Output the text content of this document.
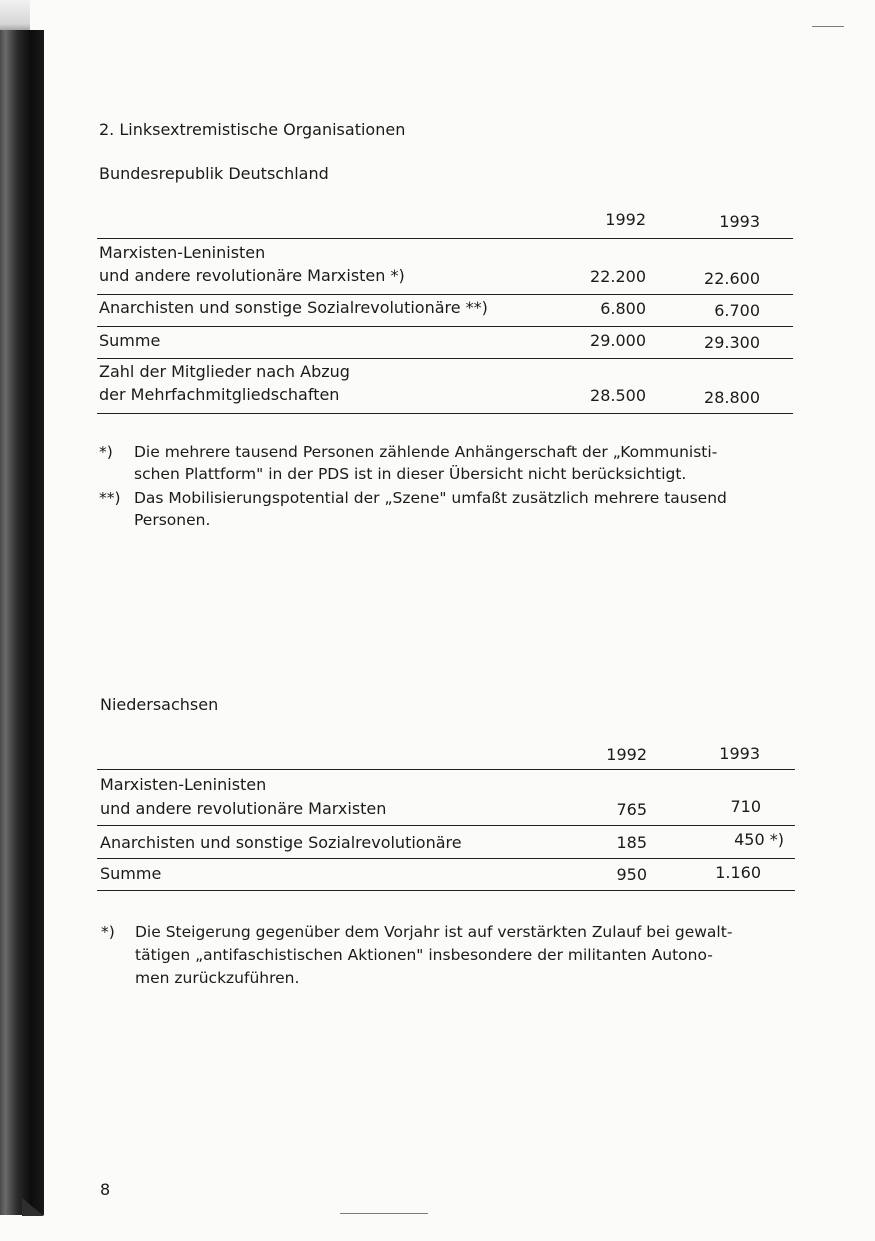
2. Linksextremistische Organisationen
Bundesrepublik Deutschland
1992	1993
Marxisten-Leninisten
und andere revolutionäre Marxisten *)	22.200	22.600
Anarchisten und sonstige Sozialrevolutionäre **)	6.800	6.700
Summe	29.000	29.300
Zahl der Mitglieder nach Abzug
der Mehrfachmitgliedschaften	28.500	28.800
*) Die mehrere tausend Personen zählende Anhängerschaft der „Kommunisti-
schen Plattform" in der PDS ist in dieser Übersicht nicht berücksichtigt.
**) Das Mobilisierungspotential der „Szene" umfaßt zusätzlich mehrere tausend
Personen.
Niedersachsen
1992	1993
Marxisten-Leninisten
und andere revolutionäre Marxisten	765	710
Anarchisten und sonstige Sozialrevolutionäre	185	450 *)
Summe	950	1.160
*) Die Steigerung gegenüber dem Vorjahr ist auf verstärkten Zulauf bei gewalt-
tätigen „antifaschistischen Aktionen" insbesondere der militanten Autono-
men zurückzuführen.
8
